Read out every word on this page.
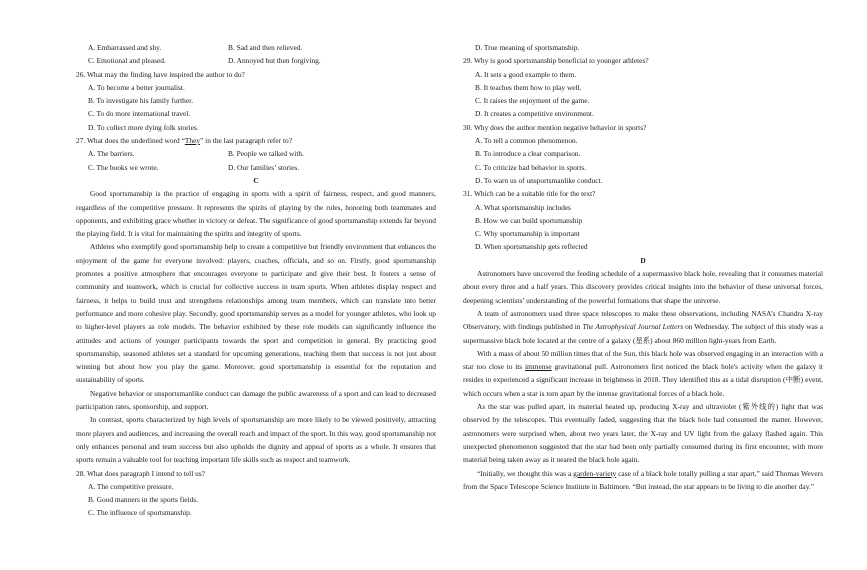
A. Embarrassed and shy.	B. Sad and then relieved.
C. Emotional and pleased.	D. Annoyed but then forgiving.
26. What may the finding have inspired the author to do?
A. To become a better journalist.
B. To investigate his family further.
C. To do more international travel.
D. To collect more dying folk stories.
27. What does the underlined word “They” in the last paragraph refer to?
A. The barriers.	B. People we talked with.
C. The books we wrote.	D. Our families’ stories.
C
Good sportsmanship is the practice of engaging in sports with a spirit of fairness, respect, and good manners, regardless of the competitive pressure. It represents the spirits of playing by the rules, honoring both teammates and opponents, and exhibiting grace whether in victory or defeat. The significance of good sportsmanship extends far beyond the playing field. It is vital for maintaining the spirits and integrity of sports.
Athletes who exemplify good sportsmanship help to create a competitive but friendly environment that enhances the enjoyment of the game for everyone involved: players, coaches, officials, and so on. Firstly, good sportsmanship promotes a positive atmosphere that encourages everyone to participate and give their best. It fosters a sense of community and teamwork, which is crucial for collective success in team sports. When athletes display respect and fairness, it helps to build trust and strengthens relationships among team members, which can translate into better performance and more cohesive play. Secondly, good sportsmanship serves as a model for younger athletes, who look up to higher-level players as role models. The behavior exhibited by these role models can significantly influence the attitudes and actions of younger participants towards the sport and competition in general. By practicing good sportsmanship, seasoned athletes set a standard for upcoming generations, teaching them that success is not just about winning but about how you play the game. Moreover, good sportsmanship is essential for the reputation and sustainability of sports.
Negative behavior or unsportsmanlike conduct can damage the public awareness of a sport and can lead to decreased participation rates, sponsorship, and support.
In contrast, sports characterized by high levels of sportsmanship are more likely to be viewed positively, attracting more players and audiences, and increasing the overall reach and impact of the sport. In this way, good sportsmanship not only enhances personal and team success but also upholds the dignity and appeal of sports as a whole. It ensures that sports remain a valuable tool for teaching important life skills such as respect and teamwork.
28. What does paragraph I intend to tell us?
A. The competitive pressure.
B. Good manners in the sports fields.
C. The influence of sportsmanship.
D. True meaning of sportsmanship.
29. Why is good sportsmanship beneficial to younger athletes?
A. It sets a good example to them.
B. It teaches them how to play well.
C. It raises the enjoyment of the game.
D. It creates a competitive environment.
30. Why does the author mention negative behavior in sports?
A. To tell a common phenomenon.
B. To introduce a clear comparison.
C. To criticize bad behavior in sports.
D. To warn us of unsportsmanlike conduct.
31. Which can be a suitable title for the text?
A. What sportsmanship includes
B. How we can build sportsmanship
C. Why sportsmanship is important
D. When sportsmanship gets reflected
D
Astronomers have uncovered the feeding schedule of a supermassive black hole, revealing that it consumes material about every three and a half years. This discovery provides critical insights into the behavior of these universal forces, deepening scientists’ understanding of the powerful formations that shape the universe.
A team of astronomers used three space telescopes to make these observations, including NASA’s Chandra X-ray Observatory, with findings published in The Astrophysical Journal Letters on Wednesday. The subject of this study was a supermassive black hole located at the centre of a galaxy (星系) about 860 million light-years from Earth.
With a mass of about 50 million times that of the Sun, this black hole was observed engaging in an interaction with a star too close to its immense gravitational pull. Astronomers first noticed the black hole's activity when the galaxy it resides in experienced a significant increase in brightness in 2018. They identified this as a tidal disruption (中断) event, which occurs when a star is torn apart by the intense gravitational forces of a black hole.
As the star was pulled apart, its material heated up, producing X-ray and ultraviolet (紫外线的) light that was observed by the telescopes. This eventually faded, suggesting that the black hole had consumed the matter. However, astronomers were surprised when, about two years later, the X-ray and UV light from the galaxy flashed again. This unexpected phenomenon suggested that the star had been only partially consumed during its first encounter, with more material being taken away as it neared the black hole again.
“Initially, we thought this was a garden-variety case of a black hole totally pulling a star apart,” said Thomas Wevers from the Space Telescope Science Institute in Baltimore. “But instead, the star appears to be living to die another day.”
